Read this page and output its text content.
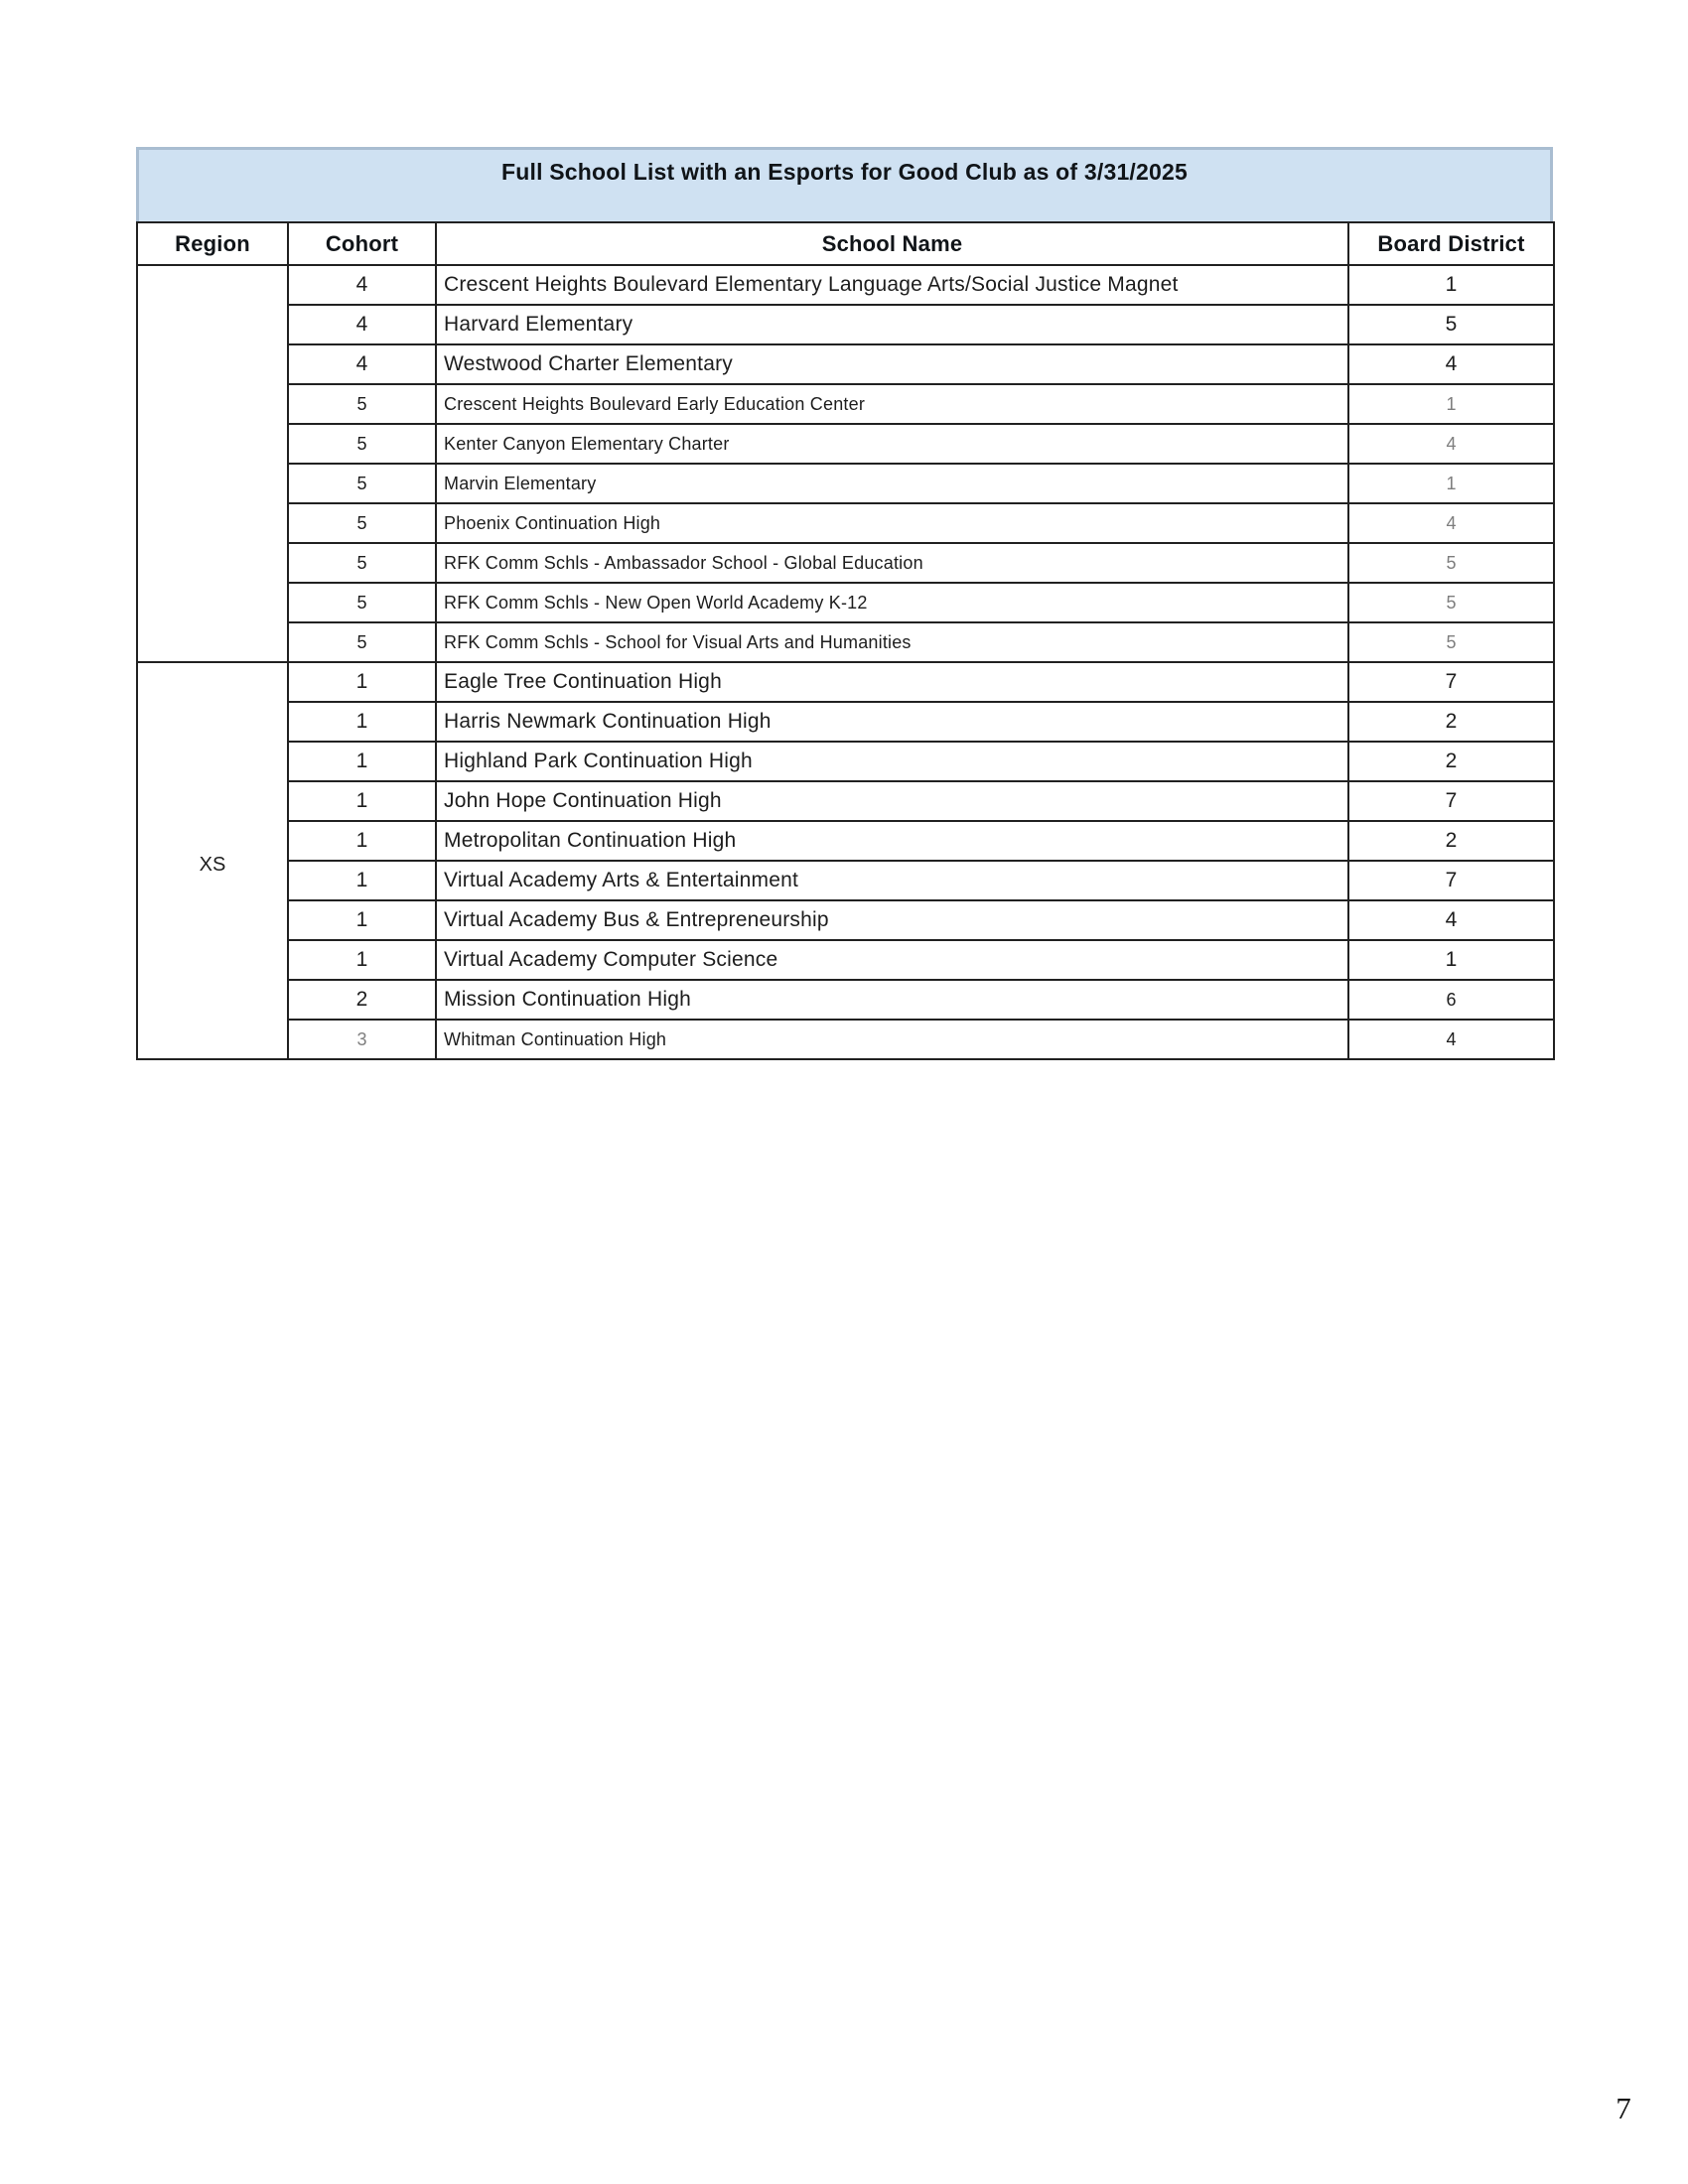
Full School List with an Esports for Good Club as of 3/31/2025
Region	Cohort	School Name	Board District
	4	Crescent Heights Boulevard Elementary Language Arts/Social Justice Magnet	1
	4	Harvard Elementary	5
	4	Westwood Charter Elementary	4
	5	Crescent Heights Boulevard Early Education Center	1
	5	Kenter Canyon Elementary Charter	4
	5	Marvin Elementary	1
	5	Phoenix Continuation High	4
	5	RFK Comm Schls - Ambassador School - Global Education	5
	5	RFK Comm Schls - New Open World Academy K-12	5
	5	RFK Comm Schls - School for Visual Arts and Humanities	5
XS	1	Eagle Tree Continuation High	7
	1	Harris Newmark Continuation High	2
	1	Highland Park Continuation High	2
	1	John Hope Continuation High	7
	1	Metropolitan Continuation High	2
	1	Virtual Academy Arts & Entertainment	7
	1	Virtual Academy Bus & Entrepreneurship	4
	1	Virtual Academy Computer Science	1
	2	Mission Continuation High	6
	3	Whitman Continuation High	4
7
